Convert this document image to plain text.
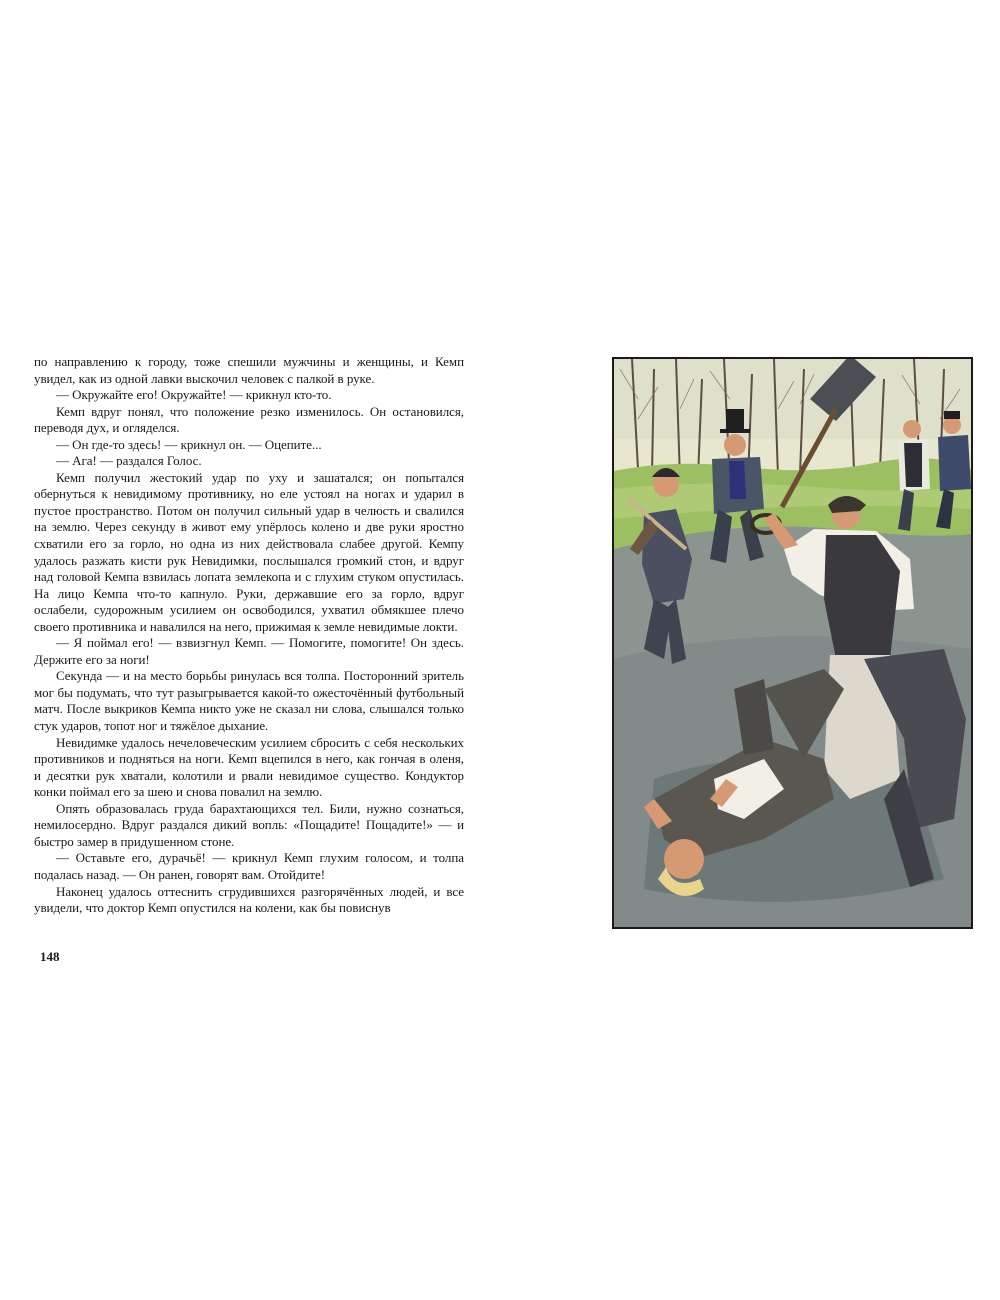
по направлению к городу, тоже спешили мужчины и женщины, и Кемп увидел, как из одной лавки выскочил человек с палкой в руке.

— Окружайте его! Окружайте! — крикнул кто-то.

Кемп вдруг понял, что положение резко изменилось. Он остановился, переводя дух, и огляделся.

— Он где-то здесь! — крикнул он. — Оцепите...

— Ага! — раздался Голос.

Кемп получил жестокий удар по уху и зашатался; он попытался обернуться к невидимому противнику, но еле устоял на ногах и ударил в пустое пространство. Потом он получил сильный удар в челюсть и свалился на землю. Через секунду в живот ему упёрлось колено и две руки яростно схватили его за горло, но одна из них действовала слабее другой. Кемпу удалось разжать кисти рук Невидимки, послышался громкий стон, и вдруг над головой Кемпа взвилась лопата землекопа и с глухим стуком опустилась. На лицо Кемпа что-то капнуло. Руки, державшие его за горло, вдруг ослабели, судорожным усилием он освободился, ухватил обмякшее плечо своего противника и навалился на него, прижимая к земле невидимые локти.

— Я поймал его! — взвизгнул Кемп. — Помогите, помогите! Он здесь. Держите его за ноги!

Секунда — и на место борьбы ринулась вся толпа. Посторонний зритель мог бы подумать, что тут разыгрывается какой-то ожесточённый футбольный матч. После выкриков Кемпа никто уже не сказал ни слова, слышался только стук ударов, топот ног и тяжёлое дыхание.

Невидимке удалось нечеловеческим усилием сбросить с себя нескольких противников и подняться на ноги. Кемп вцепился в него, как гончая в оленя, и десятки рук хватали, колотили и рвали невидимое существо. Кондуктор конки поймал его за шею и снова повалил на землю.

Опять образовалась груда барахтающихся тел. Били, нужно сознаться, немилосердно. Вдруг раздался дикий вопль: «Пощадите! Пощадите!» — и быстро замер в придушенном стоне.

— Оставьте его, дурачьё! — крикнул Кемп глухим голосом, и толпа подалась назад. — Он ранен, говорят вам. Отойдите!

Наконец удалось оттеснить сгрудившихся разгорячённых людей, и все увидели, что доктор Кемп опустился на колени, как бы повиснув

148
